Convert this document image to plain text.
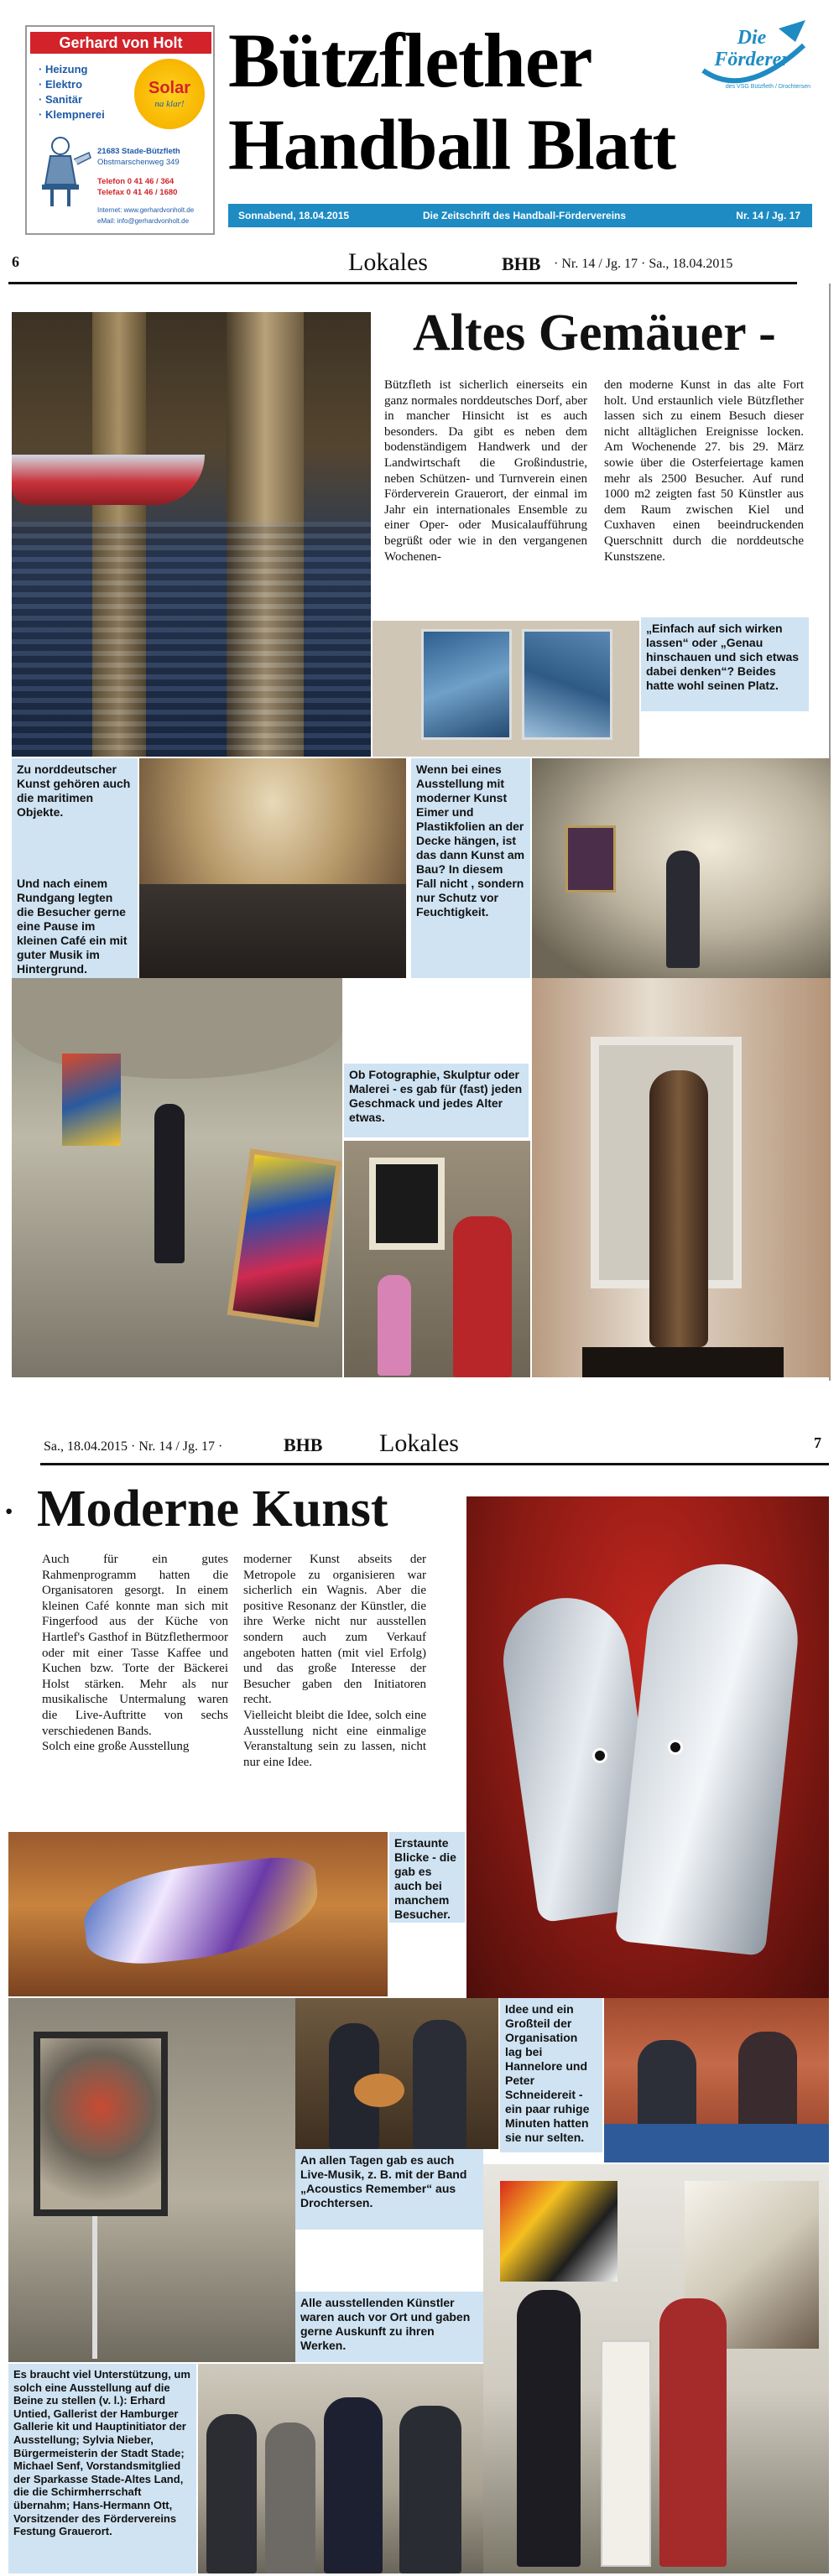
Gerhard von Holt
· Heizung
· Elektro
· Sanitär
· Klempnerei
Solar
na klar!
21683 Stade-Bützfleth
Obstmarschenweg 349
Telefon 0 41 46 / 364
Telefax 0 41 46 / 1680
Internet: www.gerhardvonholt.de
eMail: info@gerhardvonholt.de
Bützflether
Handball Blatt
Die Förderer
des VSG Bützfleth / Drochtersen
Sonnabend, 18.04.2015	Die Zeitschrift des Handball-Fördervereins	Nr. 14 / Jg. 17
6	Lokales	BHB · Nr. 14 / Jg. 17 · Sa., 18.04.2015
Altes Gemäuer -

Bützfleth ist sicherlich einerseits ein ganz normales norddeutsches Dorf, aber in mancher Hinsicht ist es auch besonders. Da gibt es neben dem bodenständigem Handwerk und der Landwirtschaft die Großindustrie, neben Schützen- und Turnverein einen Förderverein Grauerort, der einmal im Jahr ein internationales Ensemble zu einer Oper- oder Musicalaufführung begrüßt oder wie in den vergangenen Wochenen-

den moderne Kunst in das alte Fort holt. Und erstaunlich viele Bützflether lassen sich zu einem Besuch dieser nicht alltäglichen Ereignisse locken. Am Wochenende 27. bis 29. März sowie über die Osterfeiertage kamen mehr als 2500 Besucher. Auf rund 1000 m2 zeigten fast 50 Künstler aus dem Raum zwischen Kiel und Cuxhaven einen beeindruckenden Querschnitt durch die norddeutsche Kunstszene.

„Einfach auf sich wirken lassen“ oder „Genau hinschauen und sich etwas dabei denken“? Beides hatte wohl seinen Platz.
Zu norddeutscher Kunst gehören auch die maritimen Objekte.
Und nach einem Rundgang legten die Besucher gerne eine Pause im kleinen Café ein mit guter Musik im Hintergrund.
Wenn bei eines Ausstellung mit moderner Kunst Eimer und Plastikfolien an der Decke hängen, ist das dann Kunst am Bau? In diesem Fall nicht , sondern nur Schutz vor Feuchtigkeit.
Ob Fotographie, Skulptur oder Malerei - es gab für (fast) jeden Geschmack und jedes Alter etwas.
Sa., 18.04.2015 · Nr. 14 / Jg. 17 ·	BHB Lokales	7
· Moderne Kunst

Auch für ein gutes Rahmenprogramm hatten die Organisatoren gesorgt. In einem kleinen Café konnte man sich mit Fingerfood aus der Küche von Hartlef's Gasthof in Bützflethermoor oder mit einer Tasse Kaffee und Kuchen bzw. Torte der Bäckerei Holst stärken. Mehr als nur musikalische Untermalung waren die Live-Auftritte von sechs verschiedenen Bands.

Solch eine große Ausstellung

moderner Kunst abseits der Metropole zu organisieren war sicherlich ein Wagnis. Aber die positive Resonanz der Künstler, die ihre Werke nicht nur ausstellen sondern auch zum Verkauf angeboten hatten (mit viel Erfolg) und das große Interesse der Besucher gaben den Initiatoren recht.

Vielleicht bleibt die Idee, solch eine Ausstellung nicht eine einmalige Veranstaltung sein zu lassen, nicht nur eine Idee.

Erstaunte Blicke - die gab es auch bei manchem Besucher.
An allen Tagen gab es auch Live-Musik, z. B. mit der Band „Acoustics Remember“ aus Drochtersen.
Alle ausstellenden Künstler waren auch vor Ort und gaben gerne Auskunft zu ihren Werken.
Idee und ein Großteil der Organisation lag bei Hannelore und Peter Schneidereit - ein paar ruhige Minuten hatten sie nur selten.
Es braucht viel Unterstützung, um solch eine Ausstellung auf die Beine zu stellen (v. l.): Erhard Untied, Gallerist der Hamburger Gallerie kit und Hauptinitiator der Ausstellung; Sylvia Nieber, Bürgermeisterin der Stadt Stade; Michael Senf, Vorstandsmitglied der Sparkasse Stade-Altes Land, die die Schirmherrschaft übernahm; Hans-Hermann Ott, Vorsitzender des Fördervereins Festung Grauerort.
